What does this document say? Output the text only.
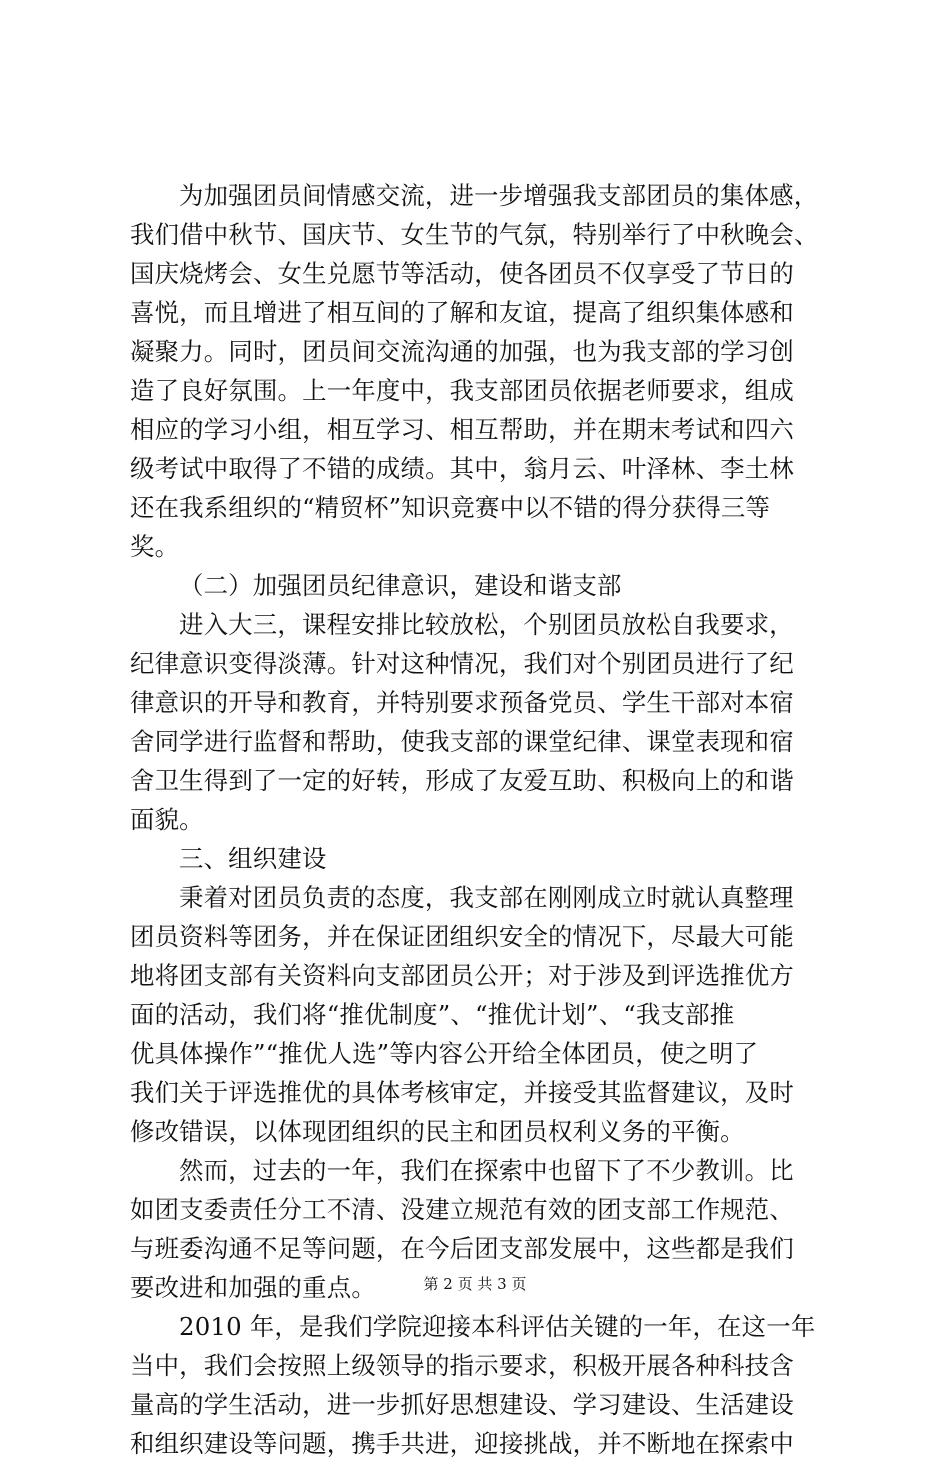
为加强团员间情感交流，进一步增强我支部团员的集体感，
我们借中秋节、国庆节、女生节的气氛，特别举行了中秋晚会、
国庆烧烤会、女生兑愿节等活动，使各团员不仅享受了节日的
喜悦，而且增进了相互间的了解和友谊，提高了组织集体感和
凝聚力。同时，团员间交流沟通的加强，也为我支部的学习创
造了良好氛围。上一年度中，我支部团员依据老师要求，组成
相应的学习小组，相互学习、相互帮助，并在期末考试和四六
级考试中取得了不错的成绩。其中，翁月云、叶泽林、李土林
还在我系组织的“精贸杯”知识竞赛中以不错的得分获得三等
奖。
（二）加强团员纪律意识，建设和谐支部
进入大三，课程安排比较放松，个别团员放松自我要求，
纪律意识变得淡薄。针对这种情况，我们对个别团员进行了纪
律意识的开导和教育，并特别要求预备党员、学生干部对本宿
舍同学进行监督和帮助，使我支部的课堂纪律、课堂表现和宿
舍卫生得到了一定的好转，形成了友爱互助、积极向上的和谐
面貌。
三、组织建设
秉着对团员负责的态度，我支部在刚刚成立时就认真整理
团员资料等团务，并在保证团组织安全的情况下，尽最大可能
地将团支部有关资料向支部团员公开；对于涉及到评选推优方
面的活动，我们将“推优制度”、“推优计划”、“我支部推
优具体操作”“推优人选”等内容公开给全体团员，使之明了
我们关于评选推优的具体考核审定，并接受其监督建议，及时
修改错误，以体现团组织的民主和团员权利义务的平衡。
然而，过去的一年，我们在探索中也留下了不少教训。比
如团支委责任分工不清、没建立规范有效的团支部工作规范、
与班委沟通不足等问题，在今后团支部发展中，这些都是我们
要改进和加强的重点。
2010 年，是我们学院迎接本科评估关键的一年，在这一年
当中，我们会按照上级领导的指示要求，积极开展各种科技含
量高的学生活动，进一步抓好思想建设、学习建设、生活建设
和组织建设等问题，携手共进，迎接挑战，并不断地在探索中
第 2 页 共 3 页
